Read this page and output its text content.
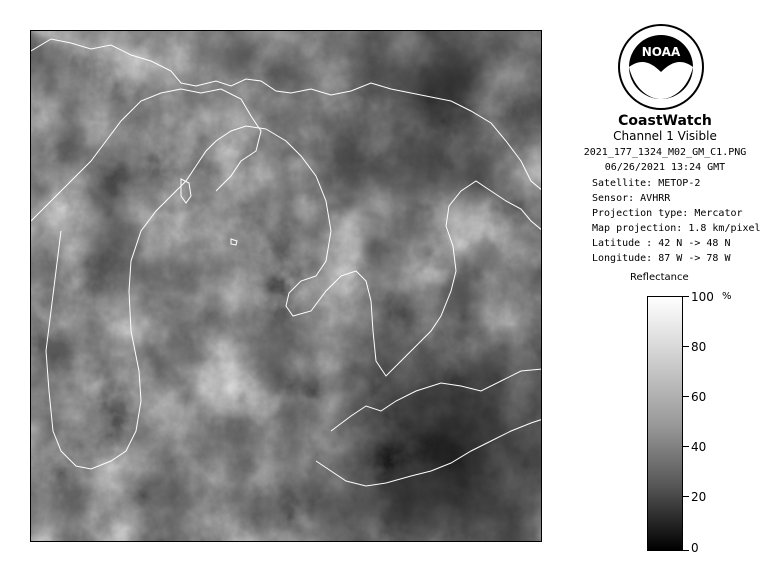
NOAA
CoastWatch
Channel 1 Visible
2021_177_1324_M02_GM_C1.PNG
06/26/2021 13:24 GMT
Satellite: METOP-2
Sensor: AVHRR
Projection type: Mercator
Map projection: 1.8 km/pixel
Latitude : 42 N -> 48 N
Longitude: 87 W -> 78 W
Reflectance
%
100
80
60
40
20
0
